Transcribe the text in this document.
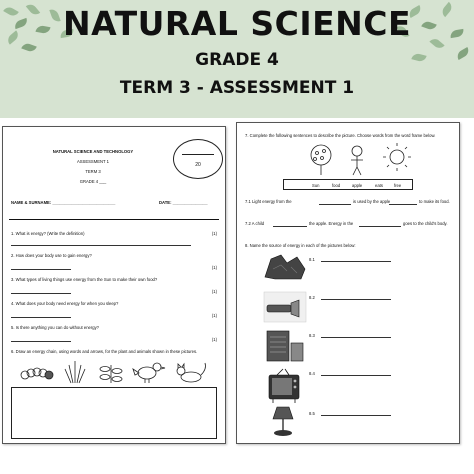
NATURAL SCIENCE
GRADE 4
TERM 3 - ASSESSMENT 1
NATURAL SCIENCE AND TECHNOLOGY
ASSESSMENT 1
TERM 3
GRADE 4 ___
20
NAME & SURNAME: ___________________________	DATE: _______________
1. What is energy? (Write the definition)	(1)
2. How does your body use to gain energy?
(1)
3. What types of living things use energy from the Sun to make their own food?
(1)
4. What does your body need energy for when you sleep?
(1)
5. Is there anything you can do without energy?
(1)
6. Draw an energy chain, using words and arrows, for the plant and animals shown in these pictures.
7. Complete the following sentences to describe the picture. Choose words from the word frame below.
Sun	food	apple	eats	free
7.1 Light energy from the	is used by the apple	to make its food.
7.2 A child	the apple. Energy in the	goes to the child's body.
8. Name the source of energy in each of the pictures below:
8.1
8.2
8.3
8.4
8.5
